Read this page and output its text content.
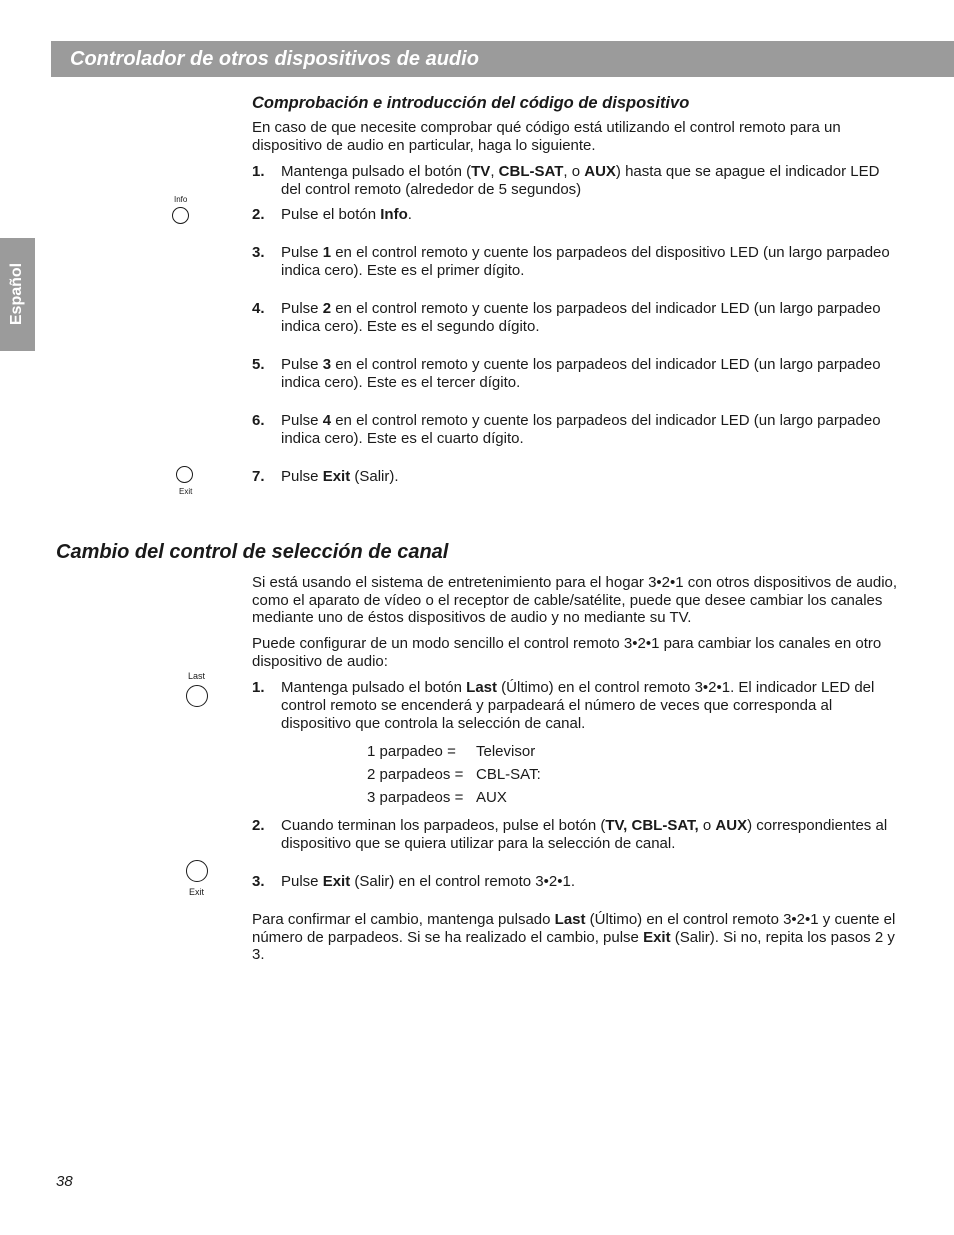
Controlador de otros dispositivos de audio
Español
Comprobación e introducción del código de dispositivo
En caso de que necesite comprobar qué código está utilizando el control remoto para un dispositivo de audio en particular, haga lo siguiente.
Info
1. Mantenga pulsado el botón (TV, CBL-SAT, o AUX) hasta que se apague el indicador LED del control remoto (alrededor de 5 segundos)
2. Pulse el botón Info.
3. Pulse 1 en el control remoto y cuente los parpadeos del dispositivo LED (un largo parpadeo indica cero). Este es el primer dígito.
4. Pulse 2 en el control remoto y cuente los parpadeos del indicador LED (un largo parpadeo indica cero). Este es el segundo dígito.
5. Pulse 3 en el control remoto y cuente los parpadeos del indicador LED (un largo parpadeo indica cero). Este es el tercer dígito.
6. Pulse 4 en el control remoto y cuente los parpadeos del indicador LED (un largo parpadeo indica cero). Este es el cuarto dígito.
Exit
7. Pulse Exit (Salir).
Cambio del control de selección de canal
Si está usando el sistema de entretenimiento para el hogar 3•2•1 con otros dispositivos de audio, como el aparato de vídeo o el receptor de cable/satélite, puede que desee cambiar los canales mediante uno de éstos dispositivos de audio y no mediante su TV.
Puede configurar de un modo sencillo el control remoto 3•2•1 para cambiar los canales en otro dispositivo de audio:
Last
1. Mantenga pulsado el botón Last (Último) en el control remoto 3•2•1. El indicador LED del control remoto se encenderá y parpadeará el número de veces que corresponda al dispositivo que controla la selección de canal.
1 parpadeo = Televisor
2 parpadeos = CBL-SAT:
3 parpadeos = AUX
2. Cuando terminan los parpadeos, pulse el botón (TV, CBL-SAT, o AUX) correspondientes al dispositivo que se quiera utilizar para la selección de canal.
Exit
3. Pulse Exit (Salir) en el control remoto 3•2•1.
Para confirmar el cambio, mantenga pulsado Last (Último) en el control remoto 3•2•1 y cuente el número de parpadeos. Si se ha realizado el cambio, pulse Exit (Salir). Si no, repita los pasos 2 y 3.
38
